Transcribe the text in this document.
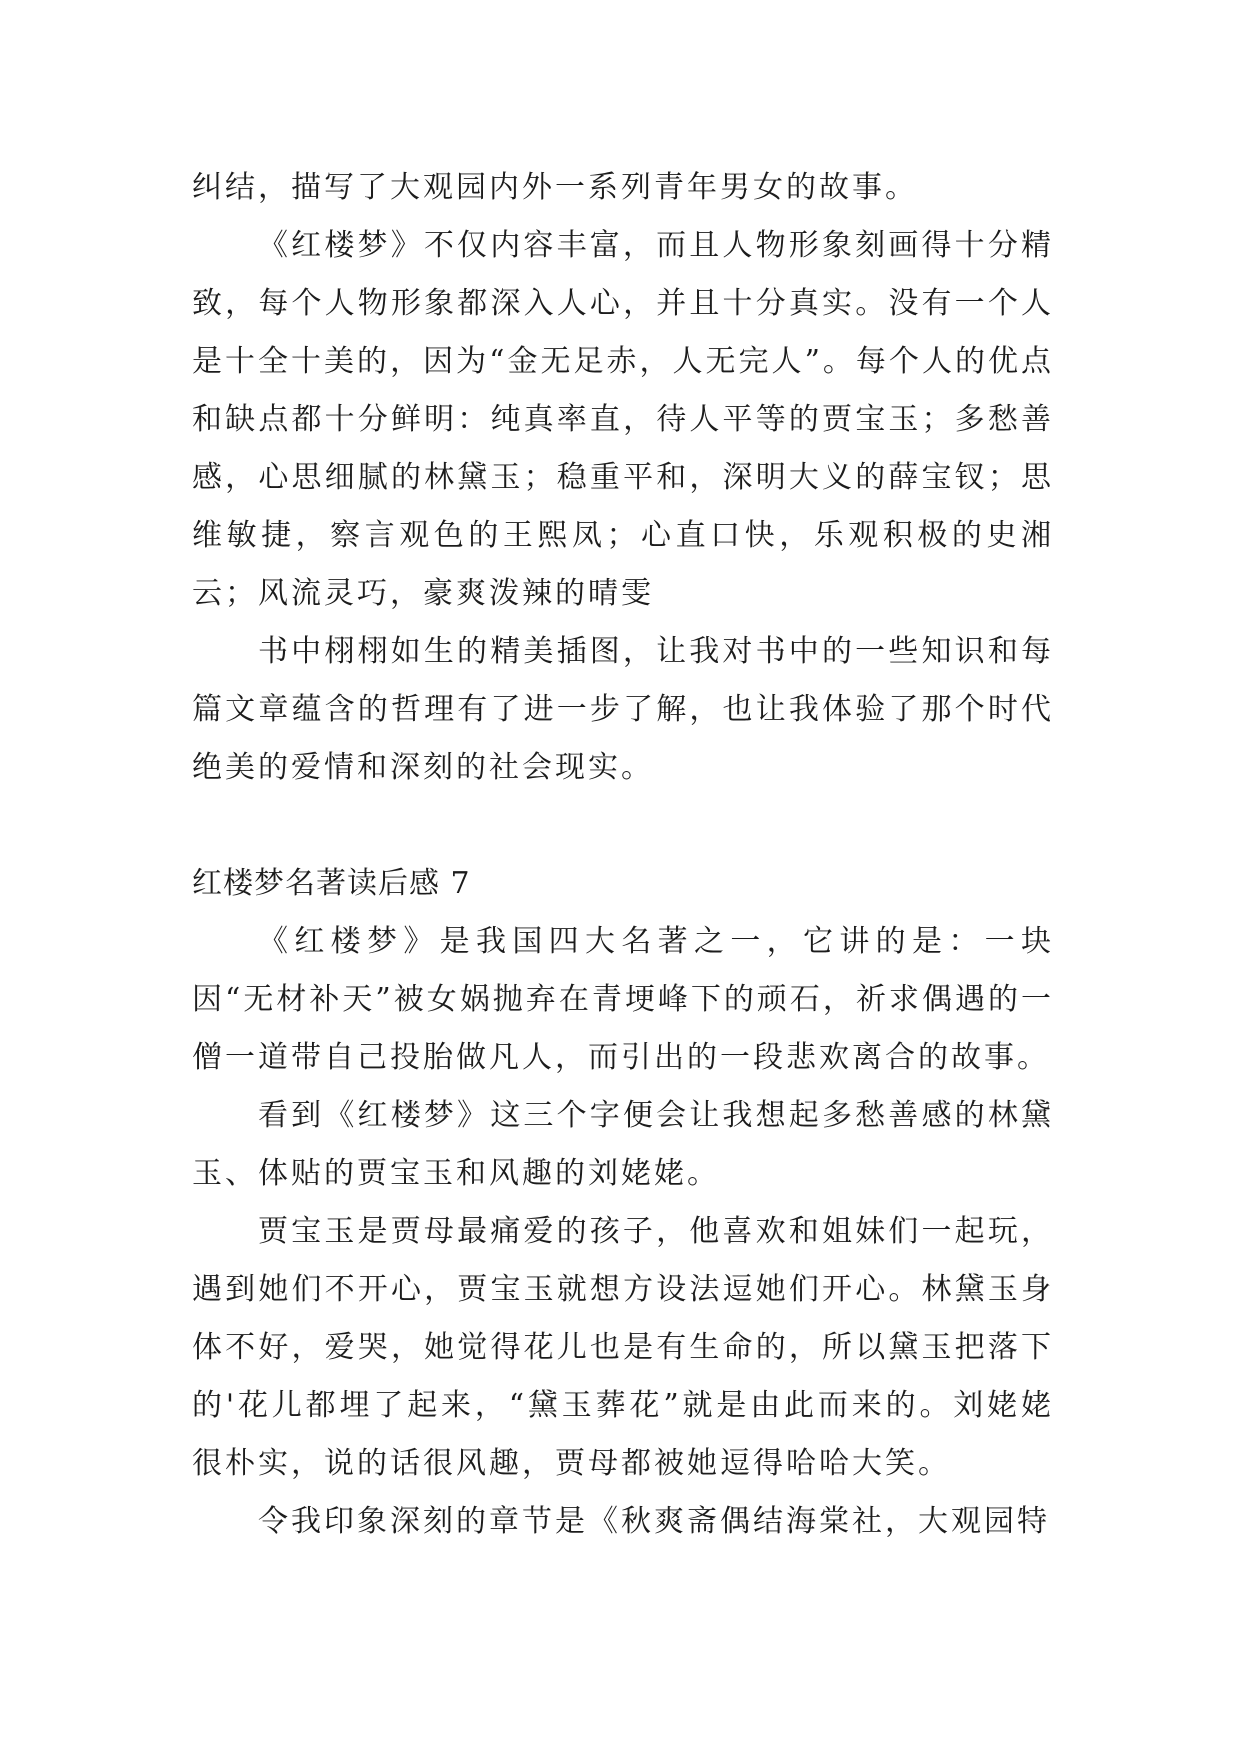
纠结，描写了大观园内外一系列青年男女的故事。

《红楼梦》不仅内容丰富，而且人物形象刻画得十分精致，每个人物形象都深入人心，并且十分真实。没有一个人是十全十美的，因为“金无足赤，人无完人”。每个人的优点和缺点都十分鲜明：纯真率直，待人平等的贾宝玉；多愁善感，心思细腻的林黛玉；稳重平和，深明大义的薛宝钗；思维敏捷，察言观色的王熙凤；心直口快，乐观积极的史湘云；风流灵巧，豪爽泼辣的晴雯

书中栩栩如生的精美插图，让我对书中的一些知识和每篇文章蕴含的哲理有了进一步了解，也让我体验了那个时代绝美的爱情和深刻的社会现实。

红楼梦名著读后感 7

《红楼梦》是我国四大名著之一，它讲的是：一块因“无材补天”被女娲抛弃在青埂峰下的顽石，祈求偶遇的一僧一道带自己投胎做凡人，而引出的一段悲欢离合的故事。

看到《红楼梦》这三个字便会让我想起多愁善感的林黛玉、体贴的贾宝玉和风趣的刘姥姥。

贾宝玉是贾母最痛爱的孩子，他喜欢和姐妹们一起玩，遇到她们不开心，贾宝玉就想方设法逗她们开心。林黛玉身体不好，爱哭，她觉得花儿也是有生命的，所以黛玉把落下的'花儿都埋了起来，“黛玉葬花”就是由此而来的。刘姥姥很朴实，说的话很风趣，贾母都被她逗得哈哈大笑。

令我印象深刻的章节是《秋爽斋偶结海棠社，大观园特
